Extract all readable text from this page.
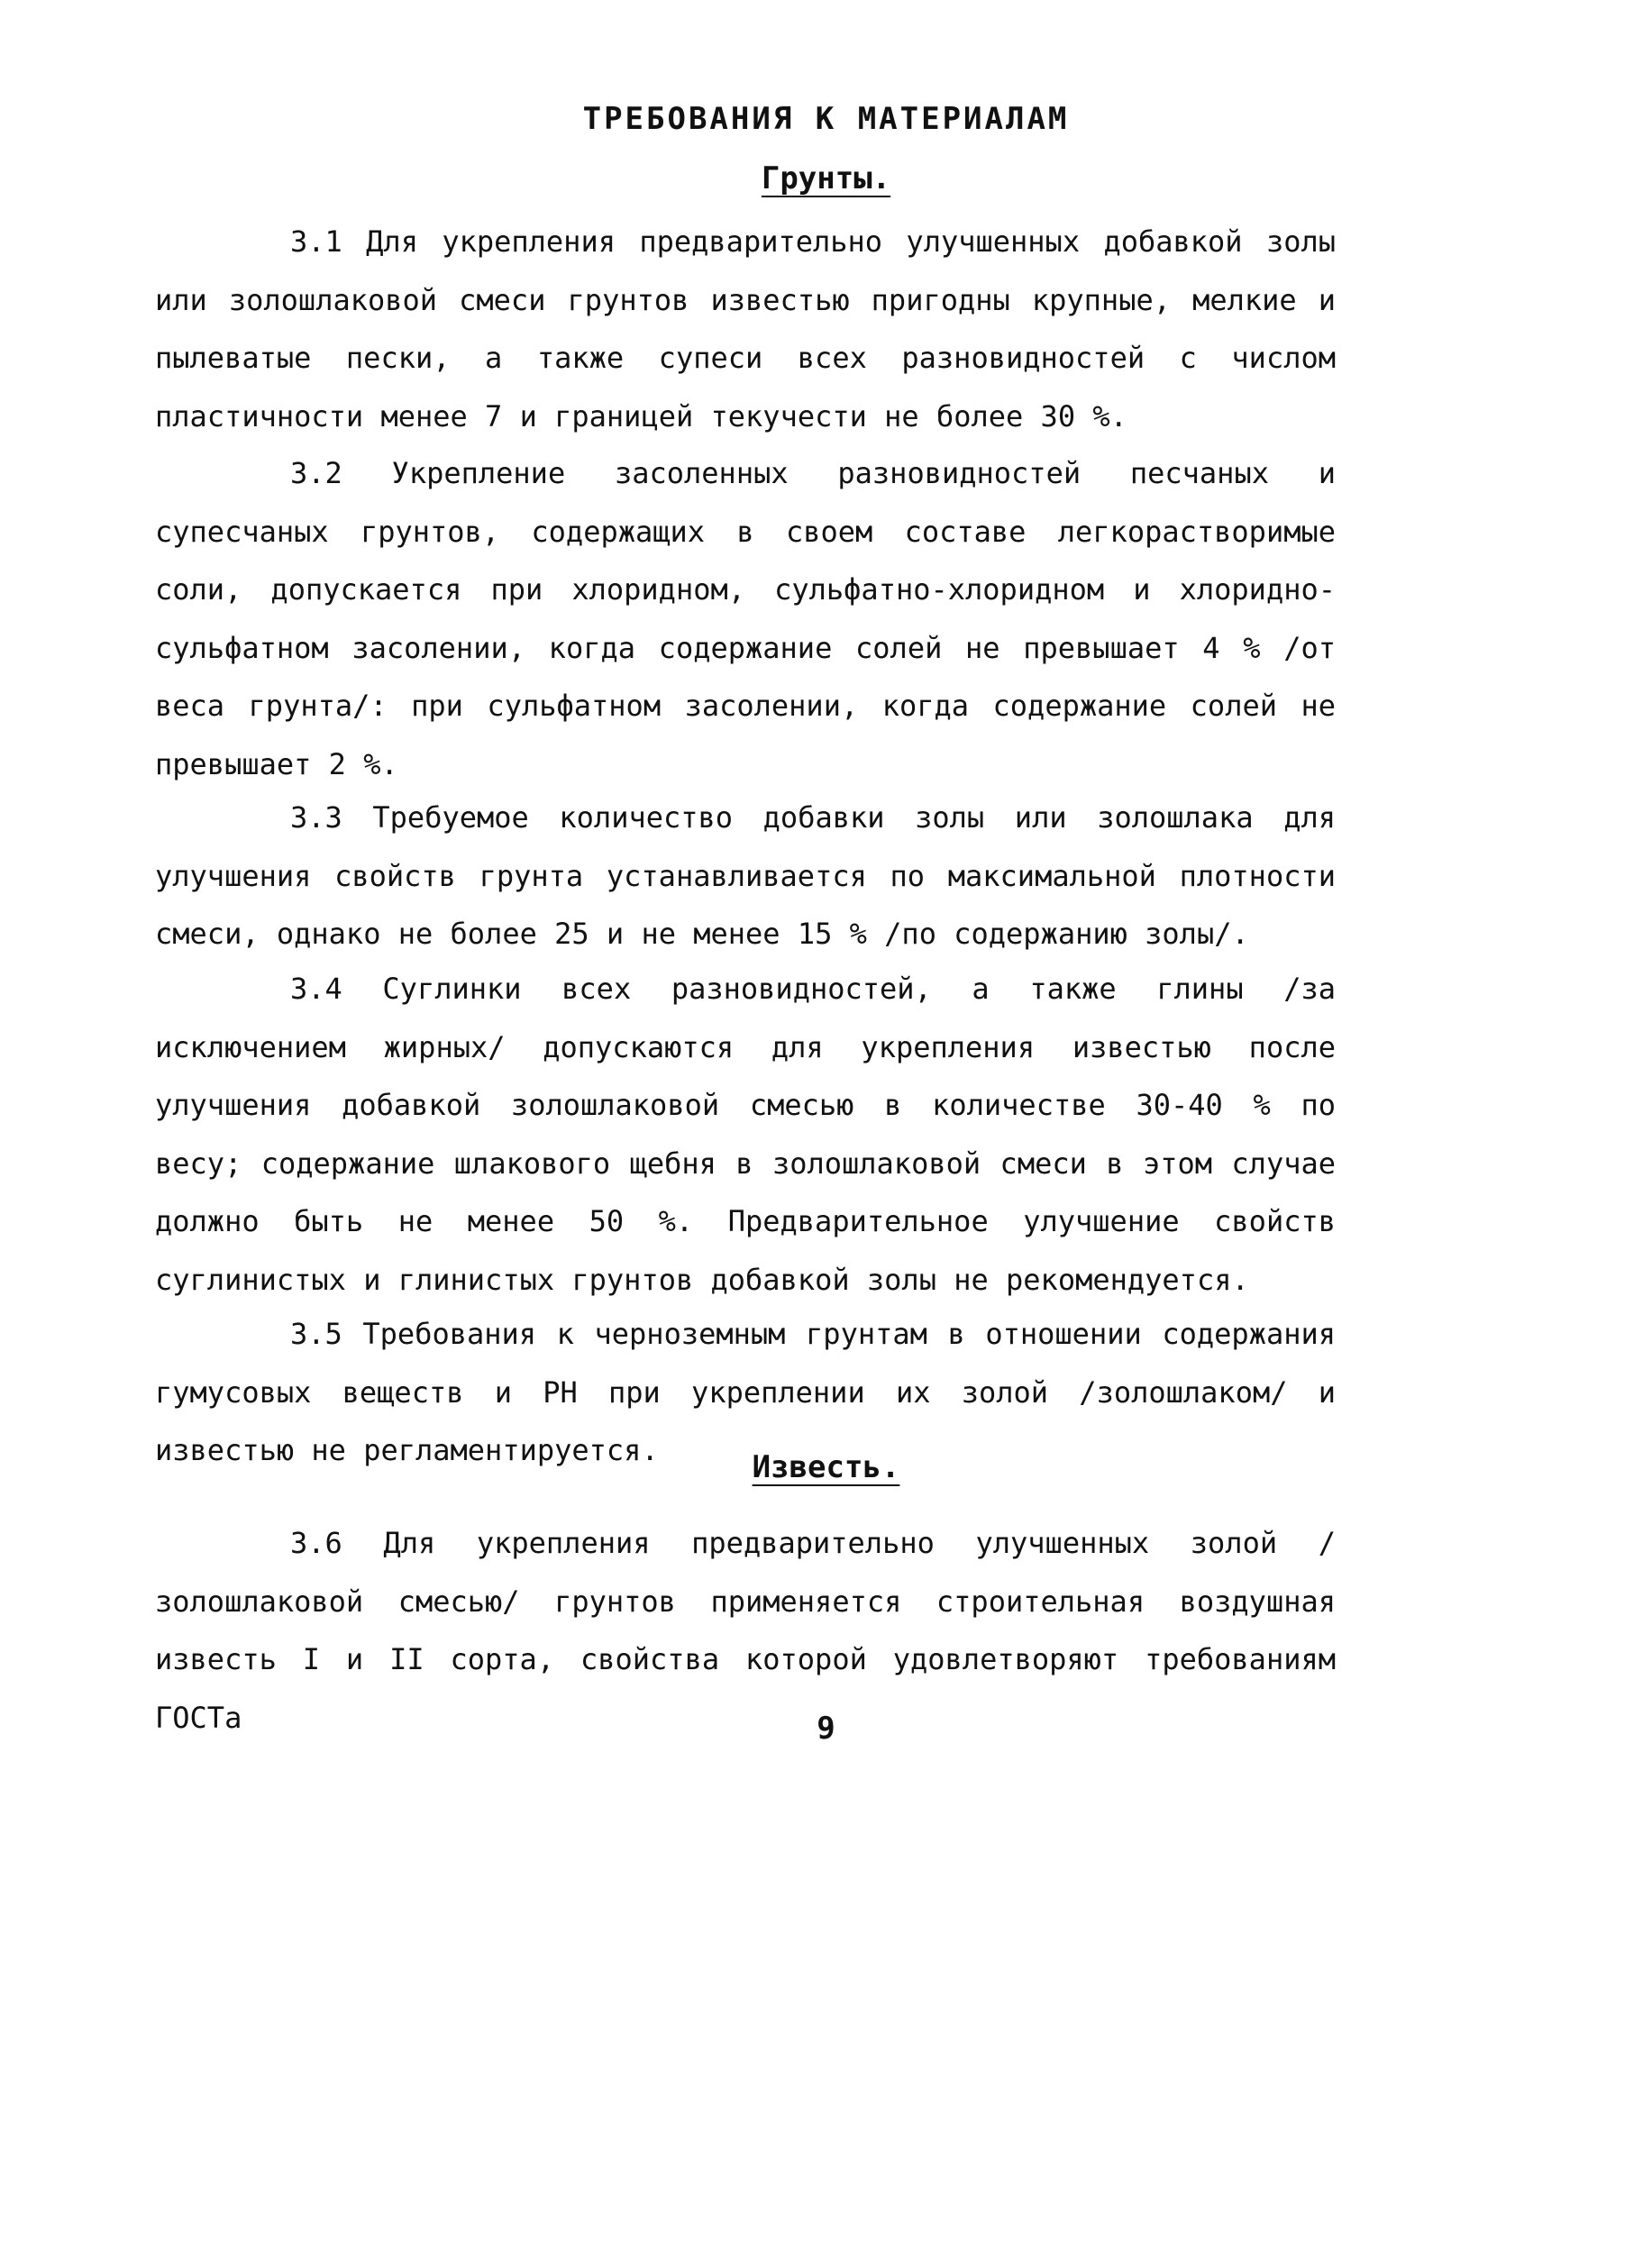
ТРЕБОВАНИЯ К МАТЕРИАЛАМ
Грунты.

3.1 Для укрепления предварительно улучшенных добавкой золы или золошлаковой смеси грунтов известью пригодны крупные, мелкие и пылеватые пески, а также супеси всех разновидностей с числом пластичности менее 7 и границей текучести не более 30 %.

3.2 Укрепление засоленных разновидностей песчаных и супесчаных грунтов, содержащих в своем составе легкорастворимые соли, допускается при хлоридном, сульфатно-хлоридном и хлоридно-сульфатном засолении, когда содержание солей не превышает 4 % /от веса грунта/: при сульфатном засолении, когда содержание солей не превышает 2 %.

3.3 Требуемое количество добавки золы или золошлака для улучшения свойств грунта устанавливается по максимальной плотности смеси, однако не более 25 и не менее 15 % /по содержанию золы/.

3.4 Суглинки всех разновидностей, а также глины /за исключением жирных/ допускаются для укрепления известью после улучшения добавкой золошлаковой смесью в количестве 30-40 % по весу; содержание шлакового щебня в золошлаковой смеси в этом случае должно быть не менее 50 %. Предварительное улучшение свойств суглинистых и глинистых грунтов добавкой золы не рекомендуется.

3.5 Требования к черноземным грунтам в отношении содержания гумусовых веществ и РН при укреплении их золой /золошлаком/ и известью не регламентируется.	Известь.

3.6 Для укрепления предварительно улучшенных золой /золошлаковой смесью/ грунтов применяется строительная воздушная известь I и II сорта, свойства которой удовлетворяют требованиям ГОСТа	9
